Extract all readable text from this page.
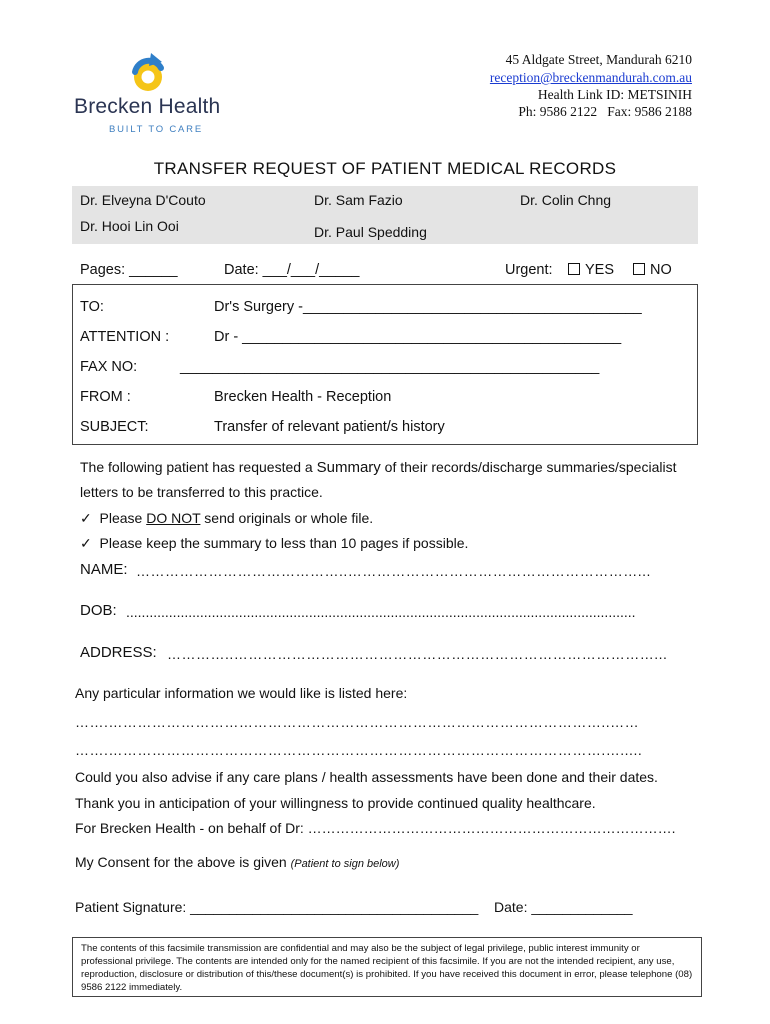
Brecken Health
BUILT TO CARE
45 Aldgate Street, Mandurah 6210
reception@breckenmandurah.com.au
Health Link ID: METSINIH
Ph: 9586 2122   Fax: 9586 2188
TRANSFER REQUEST OF PATIENT MEDICAL RECORDS
Dr. Elveyna D'Couto	Dr. Sam Fazio	Dr. Colin Chng
Dr. Hooi Lin Ooi	Dr. Paul Spedding
Pages: ______	Date: ___/___/_____	Urgent:	YES	NO
TO:	Dr's Surgery -__________________________________________
ATTENTION :	Dr - _______________________________________________
FAX NO:	____________________________________________________
FROM :	Brecken Health - Reception
SUBJECT:	Transfer of relevant patient/s history
The following patient has requested a Summary of their records/discharge summaries/specialist
letters to be transferred to this practice.
✓ Please DO NOT send originals or whole file.
✓ Please keep the summary to less than 10 pages if possible.
NAME: ……………………………………..……………………………………………………...
DOB: ...................................................................................................................................
ADDRESS: …………..……………………………………………………………………………...
Any particular information we would like is listed here:
…….…………………………………………………………………………………………..……
…….………………………………………………………………………………………….….....
Could you also advise if any care plans / health assessments have been done and their dates.
Thank you in anticipation of your willingness to provide continued quality healthcare.
For Brecken Health - on behalf of Dr: …………………………………………………………………….
My Consent for the above is given (Patient to sign below)
Patient Signature: _____________________________________ Date: _____________
The contents of this facsimile transmission are confidential and may also be the subject of legal privilege, public interest immunity or professional privilege. The contents are intended only for the named recipient of this facsimile. If you are not the intended recipient, any use, reproduction, disclosure or distribution of this/these document(s) is prohibited. If you have received this document in error, please telephone (08) 9586 2122 immediately.
